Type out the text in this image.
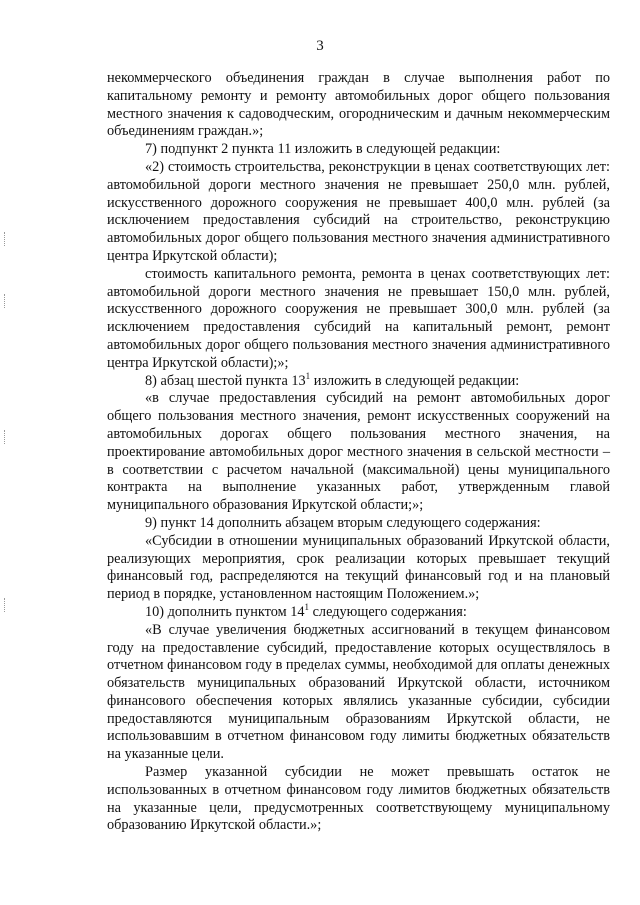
3

некоммерческого объединения граждан в случае выполнения работ по капитальному ремонту и ремонту автомобильных дорог общего пользования местного значения к садоводческим, огородническим и дачным некоммерческим объединениям граждан.»;

7) подпункт 2 пункта 11 изложить в следующей редакции:

«2) стоимость строительства, реконструкции в ценах соответствующих лет: автомобильной дороги местного значения не превышает 250,0 млн. рублей, искусственного дорожного сооружения не превышает 400,0 млн. рублей (за исключением предоставления субсидий на строительство, реконструкцию автомобильных дорог общего пользования местного значения административного центра Иркутской области);

стоимость капитального ремонта, ремонта в ценах соответствующих лет: автомобильной дороги местного значения не превышает 150,0 млн. рублей, искусственного дорожного сооружения не превышает 300,0 млн. рублей (за исключением предоставления субсидий на капитальный ремонт, ремонт автомобильных дорог общего пользования местного значения административного центра Иркутской области);»;

8) абзац шестой пункта $13^1$ изложить в следующей редакции:

«в случае предоставления субсидий на ремонт автомобильных дорог общего пользования местного значения, ремонт искусственных сооружений на автомобильных дорогах общего пользования местного значения, на проектирование автомобильных дорог местного значения в сельской местности – в соответствии с расчетом начальной (максимальной) цены муниципального контракта на выполнение указанных работ, утвержденным главой муниципального образования Иркутской области;»;

9) пункт 14 дополнить абзацем вторым следующего содержания:

«Субсидии в отношении муниципальных образований Иркутской области, реализующих мероприятия, срок реализации которых превышает текущий финансовый год, распределяются на текущий финансовый год и на плановый период в порядке, установленном настоящим Положением.»;

10) дополнить пунктом $14^1$ следующего содержания:

«В случае увеличения бюджетных ассигнований в текущем финансовом году на предоставление субсидий, предоставление которых осуществлялось в отчетном финансовом году в пределах суммы, необходимой для оплаты денежных обязательств муниципальных образований Иркутской области, источником финансового обеспечения которых являлись указанные субсидии, субсидии предоставляются муниципальным образованиям Иркутской области, не использовавшим в отчетном финансовом году лимиты бюджетных обязательств на указанные цели.

Размер указанной субсидии не может превышать остаток не использованных в отчетном финансовом году лимитов бюджетных обязательств на указанные цели, предусмотренных соответствующему муниципальному образованию Иркутской области.»;
